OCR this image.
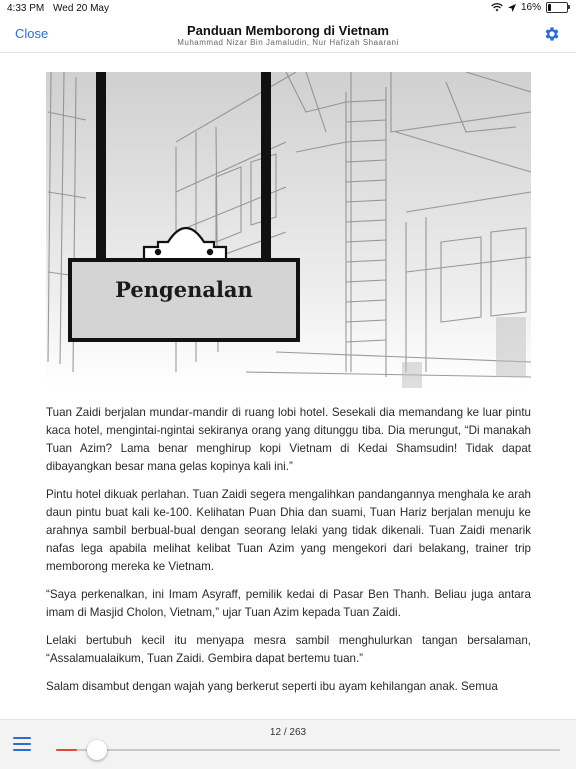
4:33 PM Wed 20 May	16%
Close	Panduan Memborong di Vietnam
Muhammad Nizar Bin Jamaludin, Nur Hafizah Shaarani
Pengenalan

Tuan Zaidi berjalan mundar-mandir di ruang lobi hotel. Sesekali dia memandang ke luar pintu kaca hotel, mengintai-ngintai sekiranya orang yang ditunggu tiba. Dia merungut, “Di manakah Tuan Azim? Lama benar menghirup kopi Vietnam di Kedai Shamsudin! Tidak dapat dibayangkan besar mana gelas kopinya kali ini.”

Pintu hotel dikuak perlahan. Tuan Zaidi segera mengalihkan pandangannya menghala ke arah daun pintu buat kali ke-100. Kelihatan Puan Dhia dan suami, Tuan Hariz berjalan menuju ke arahnya sambil berbual-bual dengan seorang lelaki yang tidak dikenali. Tuan Zaidi menarik nafas lega apabila melihat kelibat Tuan Azim yang mengekori dari belakang, trainer trip memborong mereka ke Vietnam.

“Saya perkenalkan, ini Imam Asyraff, pemilik kedai di Pasar Ben Thanh. Beliau juga antara imam di Masjid Cholon, Vietnam,” ujar Tuan Azim kepada Tuan Zaidi.

Lelaki bertubuh kecil itu menyapa mesra sambil menghulurkan tangan bersalaman, “Assalamualaikum, Tuan Zaidi. Gembira dapat bertemu tuan.”

Salam disambut dengan wajah yang berkerut seperti ibu ayam kehilangan anak. Semua

12 / 263
